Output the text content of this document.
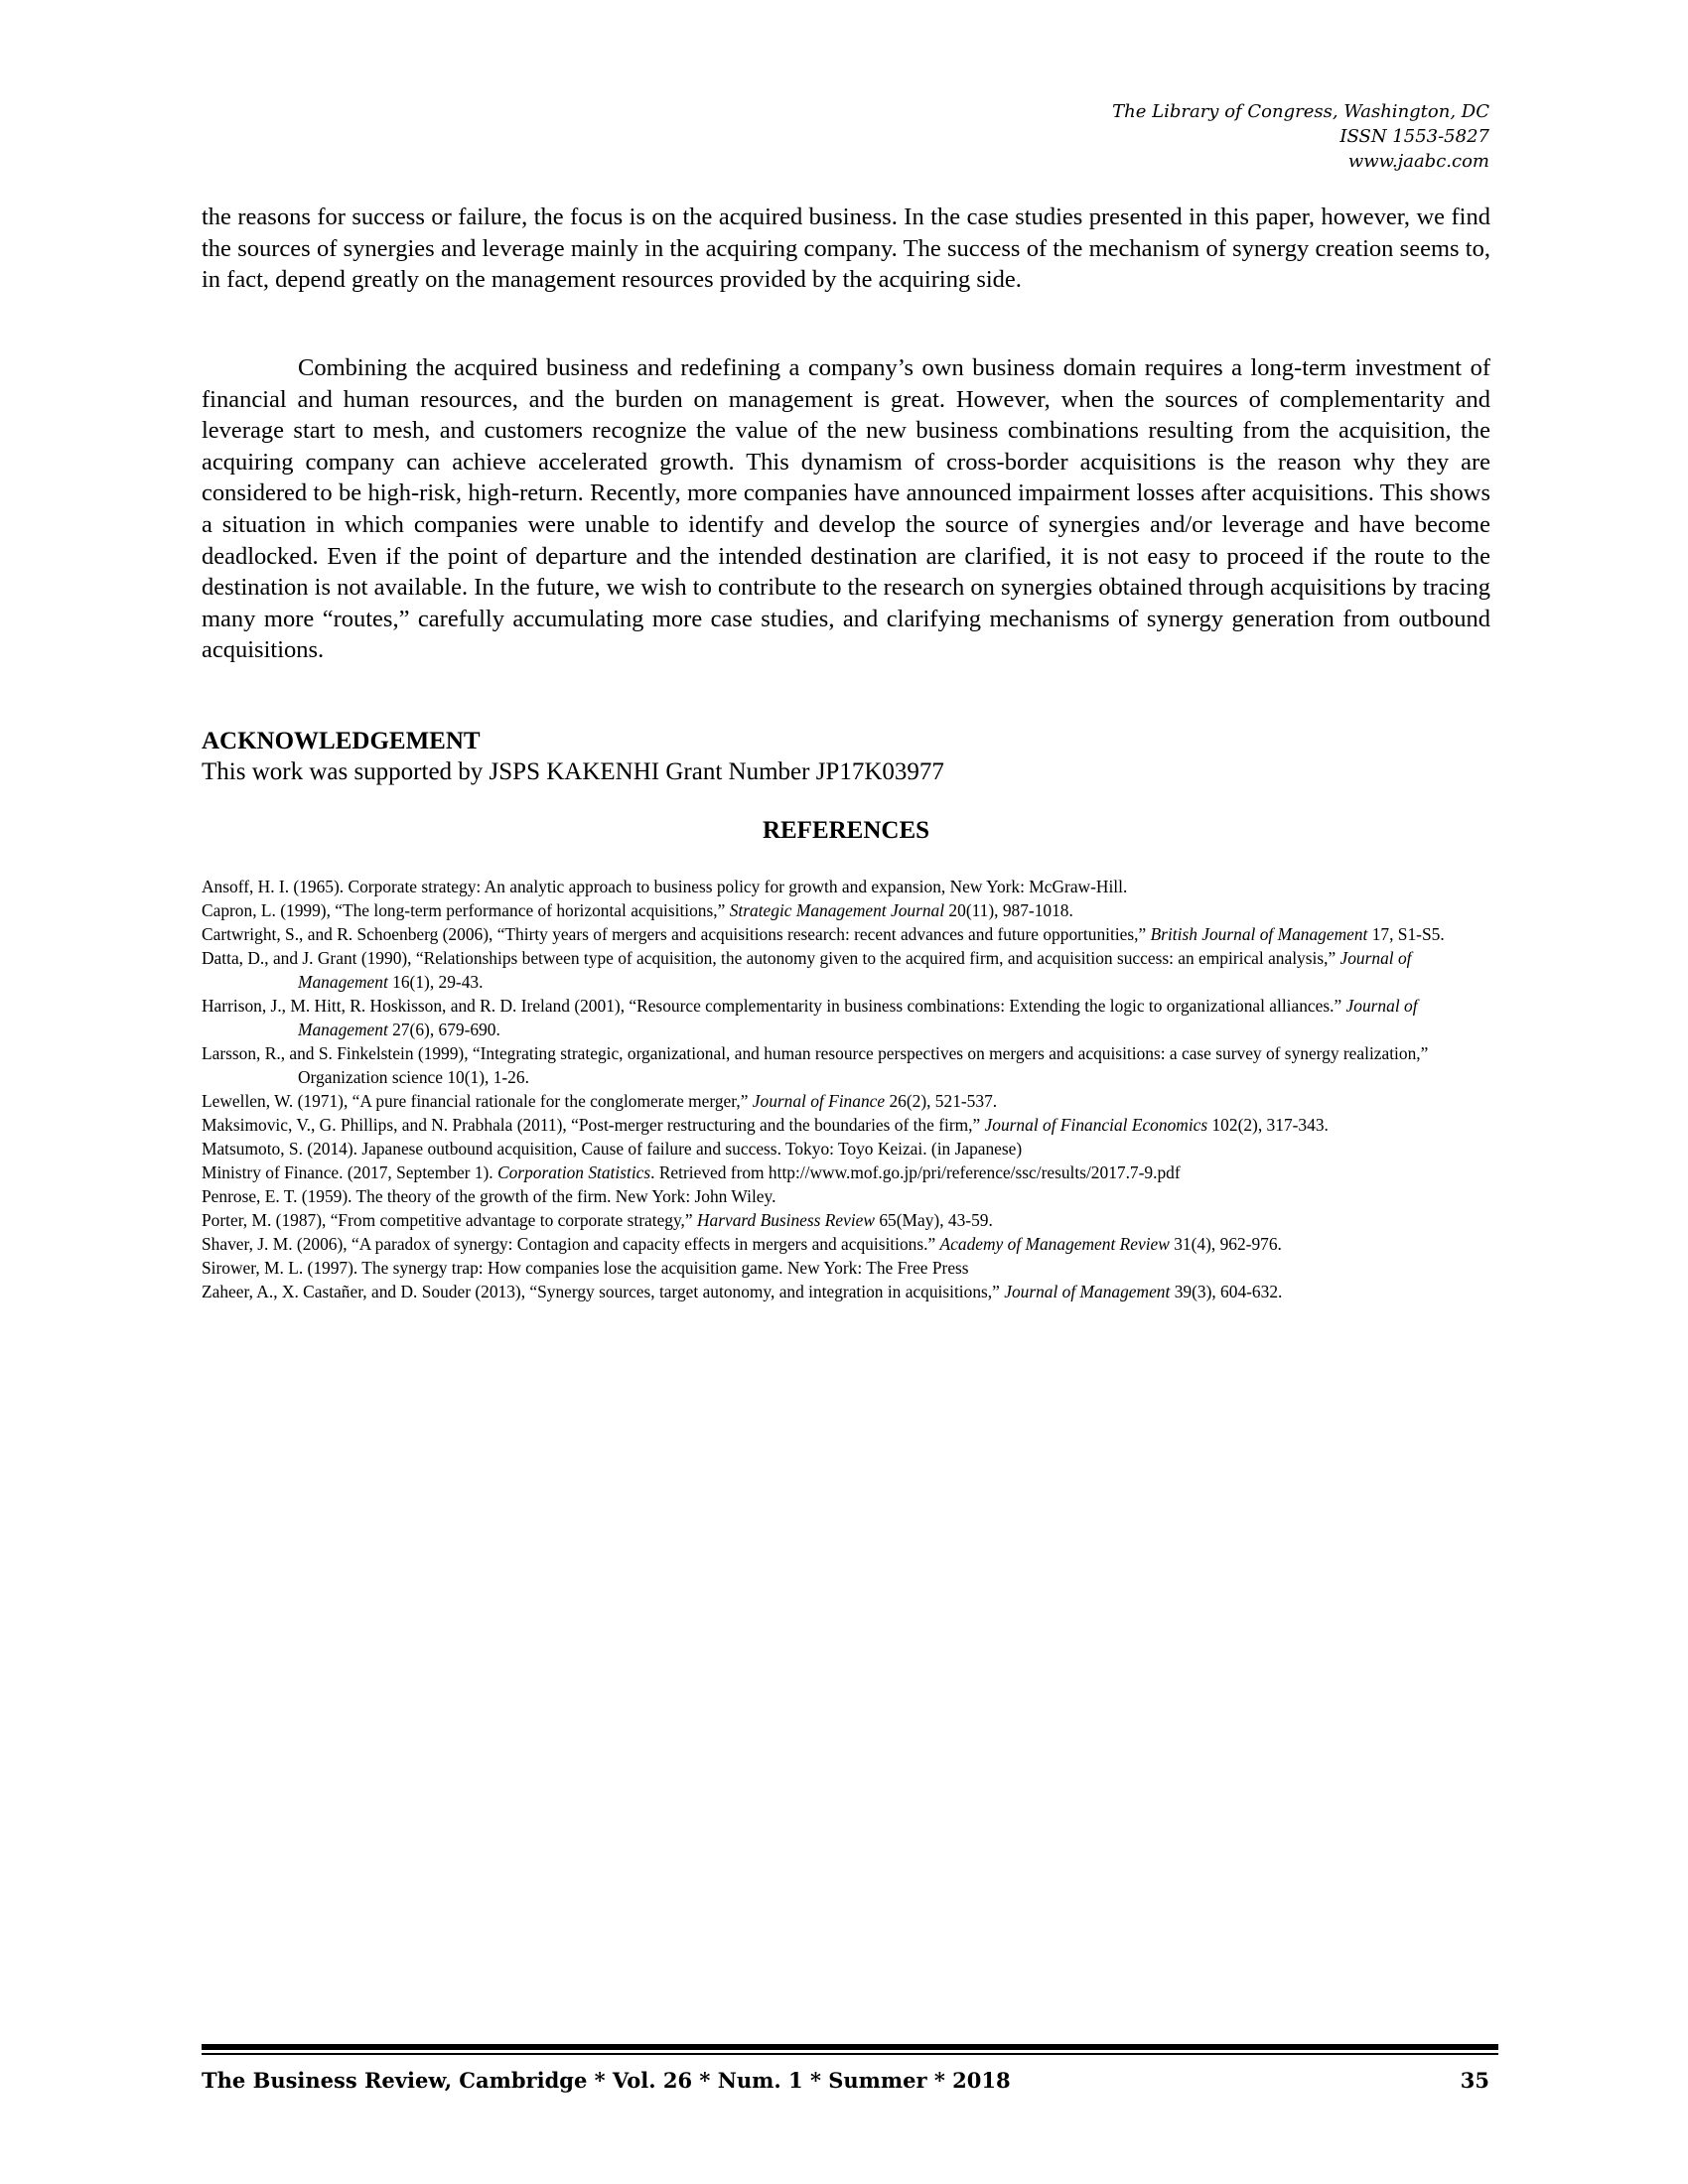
The Library of Congress, Washington, DC
ISSN 1553-5827
www.jaabc.com

the reasons for success or failure, the focus is on the acquired business. In the case studies presented in this paper, however, we find the sources of synergies and leverage mainly in the acquiring company. The success of the mechanism of synergy creation seems to, in fact, depend greatly on the management resources provided by the acquiring side.

Combining the acquired business and redefining a company’s own business domain requires a long-term investment of financial and human resources, and the burden on management is great. However, when the sources of complementarity and leverage start to mesh, and customers recognize the value of the new business combinations resulting from the acquisition, the acquiring company can achieve accelerated growth. This dynamism of cross-border acquisitions is the reason why they are considered to be high-risk, high-return. Recently, more companies have announced impairment losses after acquisitions. This shows a situation in which companies were unable to identify and develop the source of synergies and/or leverage and have become deadlocked. Even if the point of departure and the intended destination are clarified, it is not easy to proceed if the route to the destination is not available. In the future, we wish to contribute to the research on synergies obtained through acquisitions by tracing many more “routes,” carefully accumulating more case studies, and clarifying mechanisms of synergy generation from outbound acquisitions.

ACKNOWLEDGEMENT

This work was supported by JSPS KAKENHI Grant Number JP17K03977

REFERENCES
Ansoff, H. I. (1965). Corporate strategy: An analytic approach to business policy for growth and expansion, New York: McGraw-Hill.
Capron, L. (1999), “The long-term performance of horizontal acquisitions,” Strategic Management Journal 20(11), 987-1018.
Cartwright, S., and R. Schoenberg (2006), “Thirty years of mergers and acquisitions research: recent advances and future opportunities,” British Journal of Management 17, S1-S5.
Datta, D., and J. Grant (1990), “Relationships between type of acquisition, the autonomy given to the acquired firm, and acquisition success: an empirical analysis,” Journal of Management 16(1), 29-43.
Harrison, J., M. Hitt, R. Hoskisson, and R. D. Ireland (2001), “Resource complementarity in business combinations: Extending the logic to organizational alliances.” Journal of Management 27(6), 679-690.
Larsson, R., and S. Finkelstein (1999), “Integrating strategic, organizational, and human resource perspectives on mergers and acquisitions: a case survey of synergy realization,” Organization science 10(1), 1-26.
Lewellen, W. (1971), “A pure financial rationale for the conglomerate merger,” Journal of Finance 26(2), 521-537.
Maksimovic, V., G. Phillips, and N. Prabhala (2011), “Post-merger restructuring and the boundaries of the firm,” Journal of Financial Economics 102(2), 317-343.
Matsumoto, S. (2014). Japanese outbound acquisition, Cause of failure and success. Tokyo: Toyo Keizai. (in Japanese)
Ministry of Finance. (2017, September 1). Corporation Statistics. Retrieved from http://www.mof.go.jp/pri/reference/ssc/results/2017.7-9.pdf
Penrose, E. T. (1959). The theory of the growth of the firm. New York: John Wiley.
Porter, M. (1987), “From competitive advantage to corporate strategy,” Harvard Business Review 65(May), 43-59.
Shaver, J. M. (2006), “A paradox of synergy: Contagion and capacity effects in mergers and acquisitions.” Academy of Management Review 31(4), 962-976.
Sirower, M. L. (1997). The synergy trap: How companies lose the acquisition game. New York: The Free Press
Zaheer, A., X. Castañer, and D. Souder (2013), “Synergy sources, target autonomy, and integration in acquisitions,” Journal of Management 39(3), 604-632.

The Business Review, Cambridge * Vol. 26 * Num. 1 * Summer * 2018	35
